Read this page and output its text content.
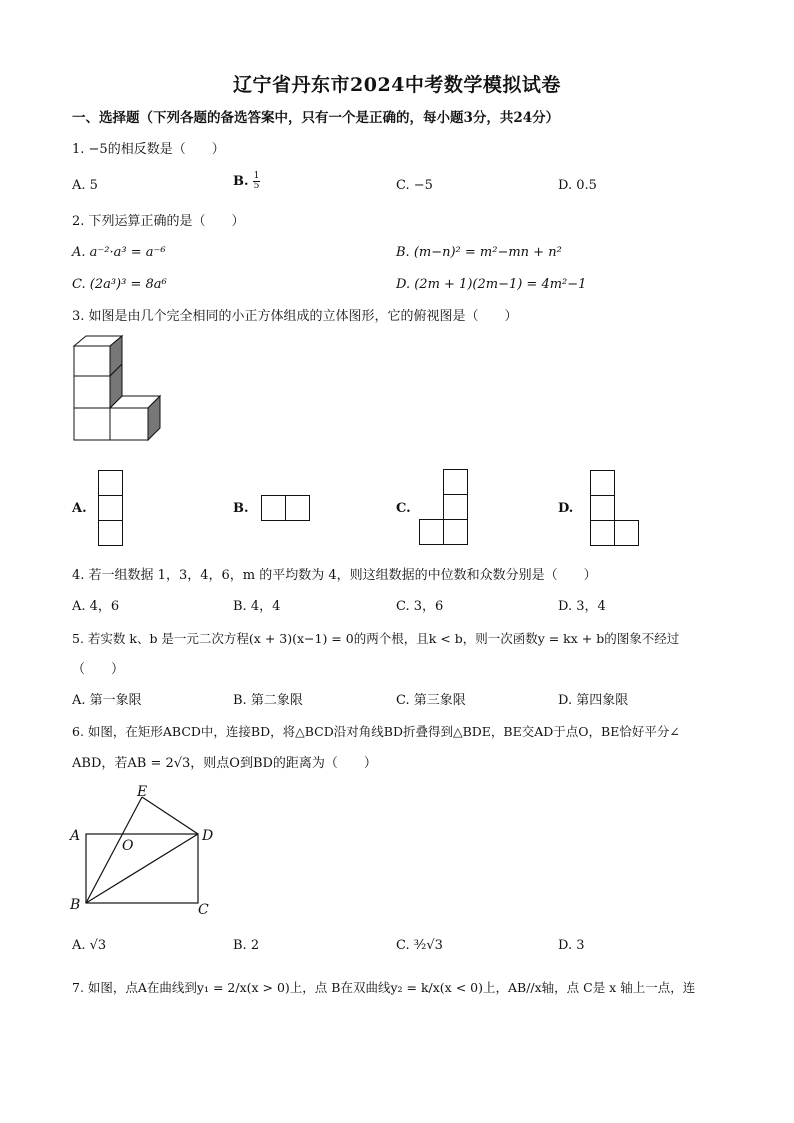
辽宁省丹东市2024中考数学模拟试卷
一、选择题（下列各题的备选答案中，只有一个是正确的，每小题3分，共24分）
1. −5的相反数是（　　）
A. 5	B. $\frac{1}{5}$	C. −5	D. 0.5
2. 下列运算正确的是（　　）
A. a⁻²·a³ = a⁻⁶	B. (m−n)² = m²−mn + n²
C. (2a³)³ = 8a⁶	D. (2m + 1)(2m−1) = 4m²−1
3. 如图是由几个完全相同的小正方体组成的立体图形，它的俯视图是（　　）
A.	B.	C.	D.
4. 若一组数据 1，3，4，6，m 的平均数为 4，则这组数据的中位数和众数分别是（　　）
A. 4，6	B. 4，4	C. 3，6	D. 3，4
5. 若实数 k、b 是一元二次方程(x + 3)(x−1) = 0的两个根，且k < b，则一次函数y = kx + b的图象不经过
（　　）
A. 第一象限	B. 第二象限	C. 第三象限	D. 第四象限
6. 如图，在矩形ABCD中，连接BD，将△BCD沿对角线BD折叠得到△BDE，BE交AD于点O，BE恰好平分∠
ABD，若AB = 2√3，则点O到BD的距离为（　　）
E
A
O
D
B	C
A. √3	B. 2	C. ³⁄₂√3	D. 3
7. 如图，点A在曲线到y₁ = 2/x(x > 0)上，点 B在双曲线y₂ = k/x(x < 0)上，AB//x轴，点 C是 x 轴上一点，连
